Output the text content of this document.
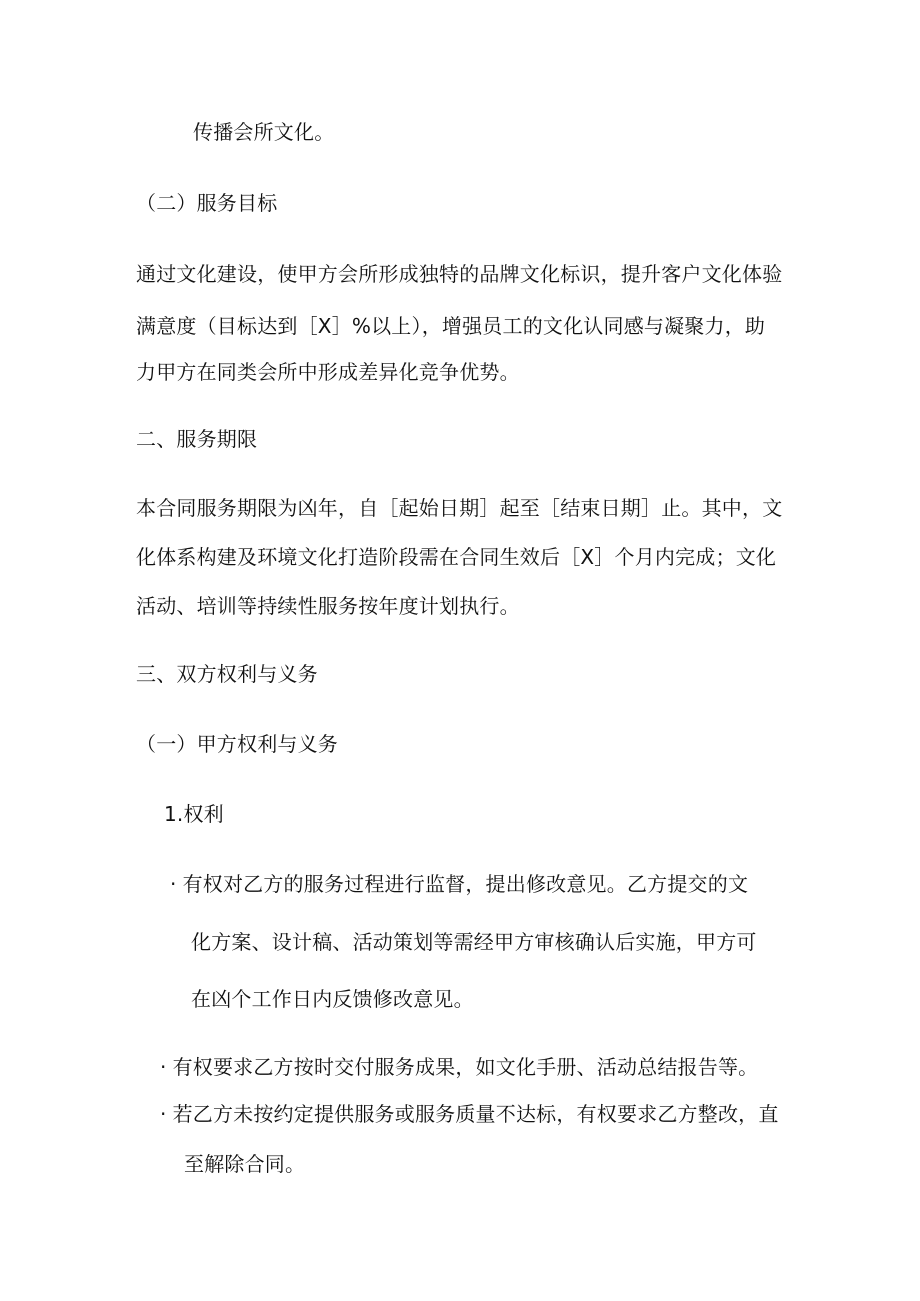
传播会所文化。
（二）服务目标
通过文化建设，使甲方会所形成独特的品牌文化标识，提升客户文化体验
满意度（目标达到［X］%以上），增强员工的文化认同感与凝聚力，助
力甲方在同类会所中形成差异化竞争优势。
二、服务期限
本合同服务期限为凶年，自［起始日期］起至［结束日期］止。其中，文
化体系构建及环境文化打造阶段需在合同生效后［X］个月内完成；文化
活动、培训等持续性服务按年度计划执行。
三、双方权利与义务
（一）甲方权利与义务
1.权利
· 有权对乙方的服务过程进行监督，提出修改意见。乙方提交的文
化方案、设计稿、活动策划等需经甲方审核确认后实施，甲方可
在凶个工作日内反馈修改意见。
· 有权要求乙方按时交付服务成果，如文化手册、活动总结报告等。
· 若乙方未按约定提供服务或服务质量不达标，有权要求乙方整改，直
至解除合同。
